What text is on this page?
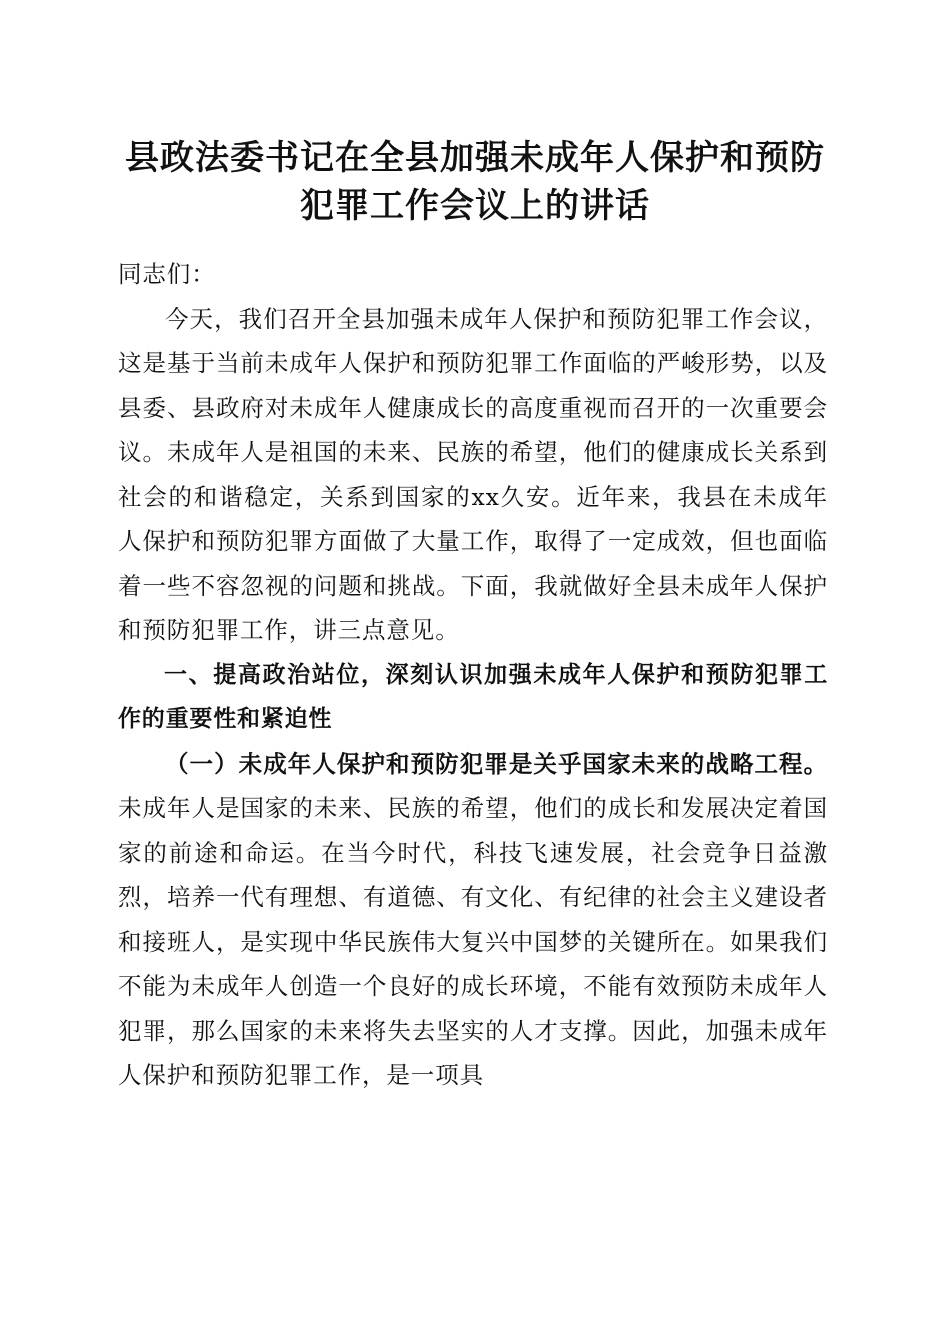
县政法委书记在全县加强未成年人保护和预防
犯罪工作会议上的讲话

同志们：

今天，我们召开全县加强未成年人保护和预防犯罪工作会议，这是基于当前未成年人保护和预防犯罪工作面临的严峻形势，以及县委、县政府对未成年人健康成长的高度重视而召开的一次重要会议。未成年人是祖国的未来、民族的希望，他们的健康成长关系到社会的和谐稳定，关系到国家的xx久安。近年来，我县在未成年人保护和预防犯罪方面做了大量工作，取得了一定成效，但也面临着一些不容忽视的问题和挑战。下面，我就做好全县未成年人保护和预防犯罪工作，讲三点意见。

一、提高政治站位，深刻认识加强未成年人保护和预防犯罪工作的重要性和紧迫性

（一）未成年人保护和预防犯罪是关乎国家未来的战略工程。未成年人是国家的未来、民族的希望，他们的成长和发展决定着国家的前途和命运。在当今时代，科技飞速发展，社会竞争日益激烈，培养一代有理想、有道德、有文化、有纪律的社会主义建设者和接班人，是实现中华民族伟大复兴中国梦的关键所在。如果我们不能为未成年人创造一个良好的成长环境，不能有效预防未成年人犯罪，那么国家的未来将失去坚实的人才支撑。因此，加强未成年人保护和预防犯罪工作，是一项具
